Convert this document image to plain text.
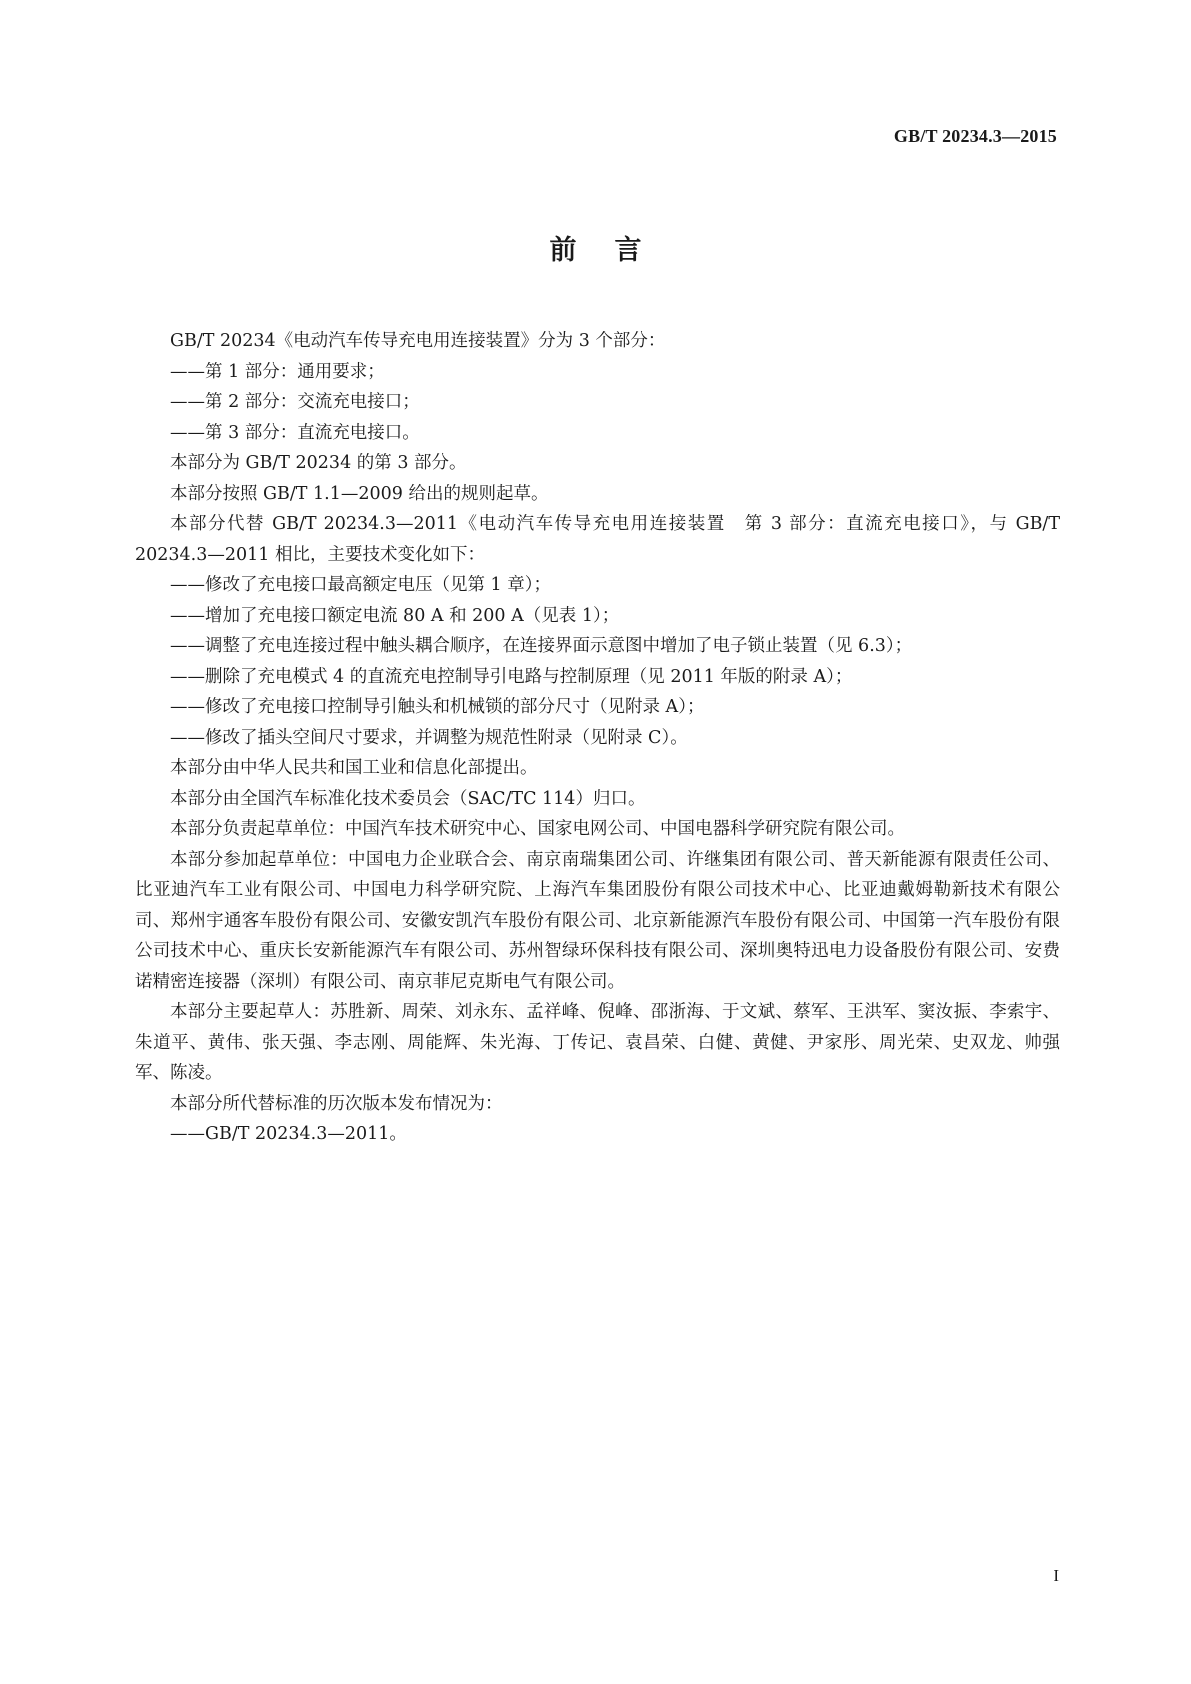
GB/T 20234.3—2015
前言

GB/T 20234《电动汽车传导充电用连接装置》分为 3 个部分：

——第 1 部分：通用要求；

——第 2 部分：交流充电接口；

——第 3 部分：直流充电接口。

本部分为 GB/T 20234 的第 3 部分。

本部分按照 GB/T 1.1—2009 给出的规则起草。

本部分代替 GB/T 20234.3—2011《电动汽车传导充电用连接装置　第 3 部分：直流充电接口》，与 GB/T 20234.3—2011 相比，主要技术变化如下：

——修改了充电接口最高额定电压（见第 1 章）；

——增加了充电接口额定电流 80 A 和 200 A（见表 1）；

——调整了充电连接过程中触头耦合顺序，在连接界面示意图中增加了电子锁止装置（见 6.3）；

——删除了充电模式 4 的直流充电控制导引电路与控制原理（见 2011 年版的附录 A）；

——修改了充电接口控制导引触头和机械锁的部分尺寸（见附录 A）；

——修改了插头空间尺寸要求，并调整为规范性附录（见附录 C）。

本部分由中华人民共和国工业和信息化部提出。

本部分由全国汽车标准化技术委员会（SAC/TC 114）归口。

本部分负责起草单位：中国汽车技术研究中心、国家电网公司、中国电器科学研究院有限公司。

本部分参加起草单位：中国电力企业联合会、南京南瑞集团公司、许继集团有限公司、普天新能源有限责任公司、比亚迪汽车工业有限公司、中国电力科学研究院、上海汽车集团股份有限公司技术中心、比亚迪戴姆勒新技术有限公司、郑州宇通客车股份有限公司、安徽安凯汽车股份有限公司、北京新能源汽车股份有限公司、中国第一汽车股份有限公司技术中心、重庆长安新能源汽车有限公司、苏州智绿环保科技有限公司、深圳奥特迅电力设备股份有限公司、安费诺精密连接器（深圳）有限公司、南京菲尼克斯电气有限公司。

本部分主要起草人：苏胜新、周荣、刘永东、孟祥峰、倪峰、邵浙海、于文斌、蔡军、王洪军、窦汝振、李索宇、朱道平、黄伟、张天强、李志刚、周能辉、朱光海、丁传记、袁昌荣、白健、黄健、尹家彤、周光荣、史双龙、帅强军、陈凌。

本部分所代替标准的历次版本发布情况为：

——GB/T 20234.3—2011。

I
